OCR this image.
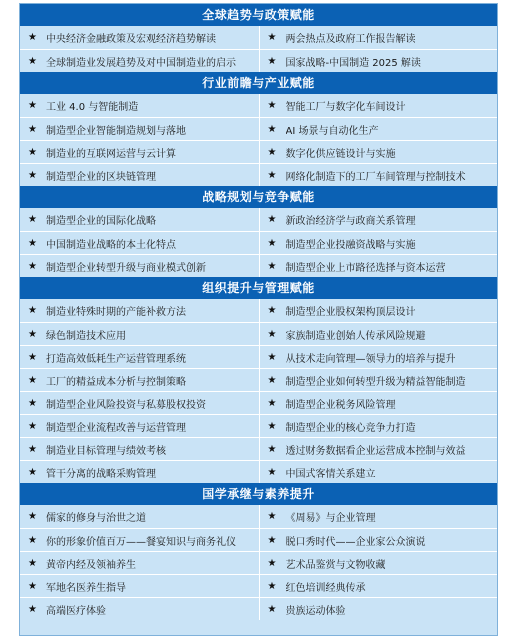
全球趋势与政策赋能
★ 中央经济金融政策及宏观经济趋势解读	★ 两会热点及政府工作报告解读
★ 全球制造业发展趋势及对中国制造业的启示	★ 国家战略-中国制造 2025 解读
行业前瞻与产业赋能
★ 工业 4.0 与智能制造	★ 智能工厂与数字化车间设计
★ 制造型企业智能制造规划与落地	★ AI 场景与自动化生产
★ 制造业的互联网运营与云计算	★ 数字化供应链设计与实施
★ 制造型企业的区块链管理	★ 网络化制造下的工厂车间管理与控制技术
战略规划与竞争赋能
★ 制造型企业的国际化战略	★ 新政治经济学与政商关系管理
★ 中国制造业战略的本土化特点	★ 制造型企业投融资战略与实施
★ 制造型企业转型升级与商业模式创新	★ 制造型企业上市路径选择与资本运营
组织提升与管理赋能
★ 制造业特殊时期的产能补救方法	★ 制造型企业股权架构顶层设计
★ 绿色制造技术应用	★ 家族制造业创始人传承风险规避
★ 打造高效低耗生产运营管理系统	★ 从技术走向管理—领导力的培养与提升
★ 工厂的精益成本分析与控制策略	★ 制造型企业如何转型升级为精益智能制造
★ 制造型企业风险投资与私募股权投资	★ 制造型企业税务风险管理
★ 制造型企业流程改善与运营管理	★ 制造型企业的核心竞争力打造
★ 制造业目标管理与绩效考核	★ 透过财务数据看企业运营成本控制与效益
★ 管干分离的战略采购管理	★ 中国式客情关系建立
国学承继与素养提升
★ 儒家的修身与治世之道	★ 《周易》与企业管理
★ 你的形象价值百万——餐宴知识与商务礼仪	★ 脱口秀时代——企业家公众演说
★ 黄帝内经及领袖养生	★ 艺术品鉴赏与文物收藏
★ 军地名医养生指导	★ 红色培训经典传承
★ 高端医疗体验	★ 贵族运动体验
